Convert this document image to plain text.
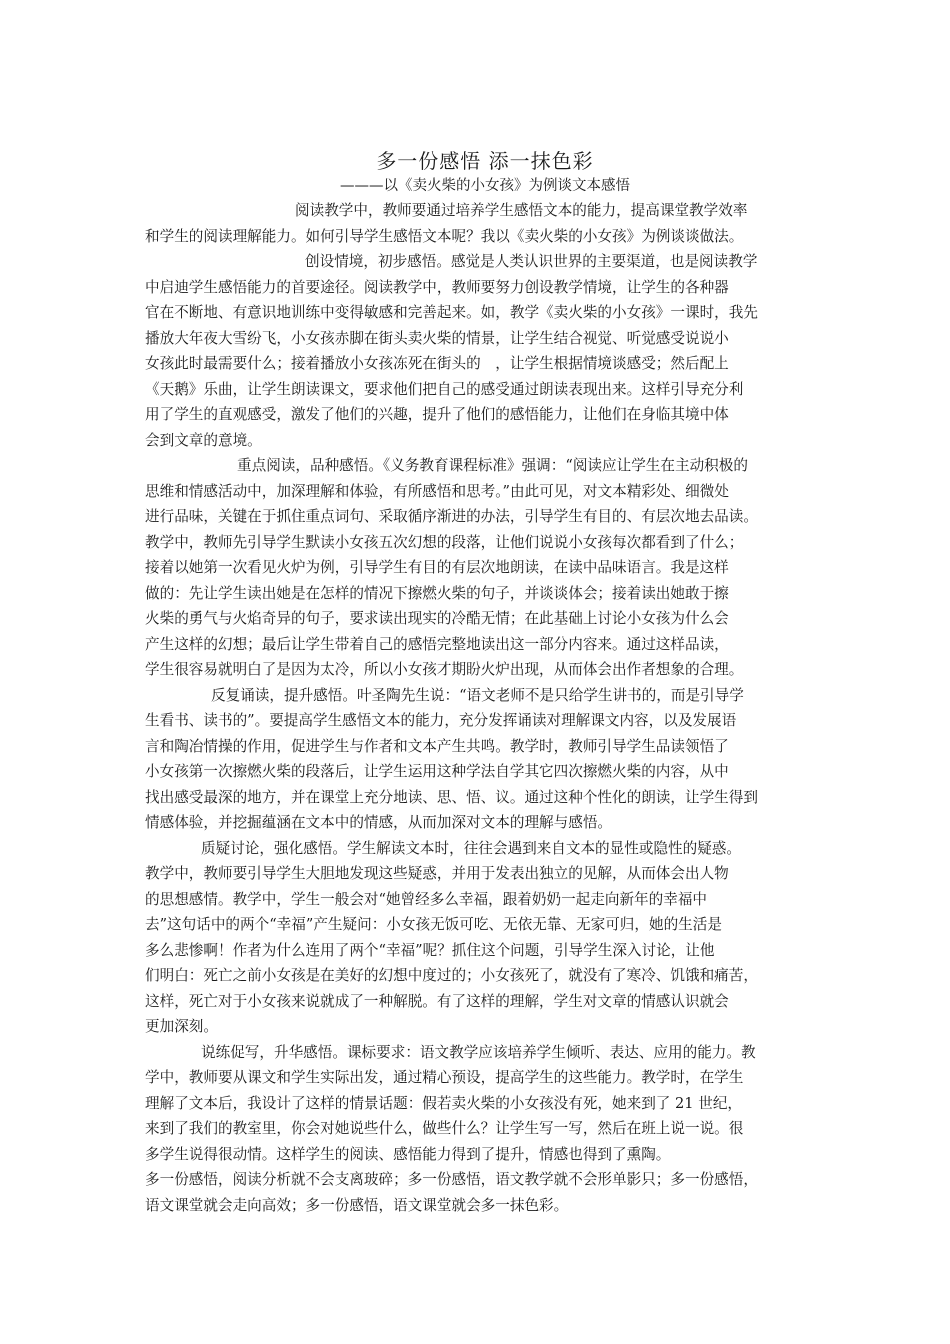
多一份感悟 添一抹色彩

———以《卖火柴的小女孩》为例谈文本感悟

阅读教学中，教师要通过培养学生感悟文本的能力，提高课堂教学效率
和学生的阅读理解能力。如何引导学生感悟文本呢？我以《卖火柴的小女孩》为例谈谈做法。
创设情境，初步感悟。感觉是人类认识世界的主要渠道，也是阅读教学
中启迪学生感悟能力的首要途径。阅读教学中，教师要努力创设教学情境，让学生的各种器
官在不断地、有意识地训练中变得敏感和完善起来。如，教学《卖火柴的小女孩》一课时，我先
播放大年夜大雪纷飞，小女孩赤脚在街头卖火柴的情景，让学生结合视觉、听觉感受说说小
女孩此时最需要什么；接着播放小女孩冻死在街头的　，让学生根据情境谈感受；然后配上
《天鹅》乐曲，让学生朗读课文，要求他们把自己的感受通过朗读表现出来。这样引导充分利
用了学生的直观感受，激发了他们的兴趣，提升了他们的感悟能力，让他们在身临其境中体
会到文章的意境。
重点阅读，品种感悟。《义务教育课程标准》强调：“阅读应让学生在主动积极的
思维和情感活动中，加深理解和体验，有所感悟和思考。”由此可见，对文本精彩处、细微处
进行品味，关键在于抓住重点词句、采取循序渐进的办法，引导学生有目的、有层次地去品读。
教学中，教师先引导学生默读小女孩五次幻想的段落，让他们说说小女孩每次都看到了什么；
接着以她第一次看见火炉为例，引导学生有目的有层次地朗读，在读中品味语言。我是这样
做的：先让学生读出她是在怎样的情况下擦燃火柴的句子，并谈谈体会；接着读出她敢于擦
火柴的勇气与火焰奇异的句子，要求读出现实的冷酷无情；在此基础上讨论小女孩为什么会
产生这样的幻想；最后让学生带着自己的感悟完整地读出这一部分内容来。通过这样品读，
学生很容易就明白了是因为太冷，所以小女孩才期盼火炉出现，从而体会出作者想象的合理。
反复诵读，提升感悟。叶圣陶先生说：“语文老师不是只给学生讲书的，而是引导学
生看书、读书的”。要提高学生感悟文本的能力，充分发挥诵读对理解课文内容，以及发展语
言和陶冶情操的作用，促进学生与作者和文本产生共鸣。教学时，教师引导学生品读领悟了
小女孩第一次擦燃火柴的段落后，让学生运用这种学法自学其它四次擦燃火柴的内容，从中
找出感受最深的地方，并在课堂上充分地读、思、悟、议。通过这种个性化的朗读，让学生得到
情感体验，并挖掘蕴涵在文本中的情感，从而加深对文本的理解与感悟。
质疑讨论，强化感悟。学生解读文本时，往往会遇到来自文本的显性或隐性的疑惑。
教学中，教师要引导学生大胆地发现这些疑惑，并用于发表出独立的见解，从而体会出人物
的思想感情。教学中，学生一般会对“她曾经多么幸福，跟着奶奶一起走向新年的幸福中
去”这句话中的两个“幸福”产生疑问：小女孩无饭可吃、无依无靠、无家可归，她的生活是
多么悲惨啊！作者为什么连用了两个“幸福”呢？抓住这个问题，引导学生深入讨论，让他
们明白：死亡之前小女孩是在美好的幻想中度过的；小女孩死了，就没有了寒冷、饥饿和痛苦，
这样，死亡对于小女孩来说就成了一种解脱。有了这样的理解，学生对文章的情感认识就会
更加深刻。
说练促写，升华感悟。课标要求：语文教学应该培养学生倾听、表达、应用的能力。教
学中，教师要从课文和学生实际出发，通过精心预设，提高学生的这些能力。教学时，在学生
理解了文本后，我设计了这样的情景话题：假若卖火柴的小女孩没有死，她来到了 21 世纪，
来到了我们的教室里，你会对她说些什么，做些什么？让学生写一写，然后在班上说一说。很
多学生说得很动情。这样学生的阅读、感悟能力得到了提升，情感也得到了熏陶。
多一份感悟，阅读分析就不会支离玻碎；多一份感悟，语文教学就不会形单影只；多一份感悟，
语文课堂就会走向高效；多一份感悟，语文课堂就会多一抹色彩。
